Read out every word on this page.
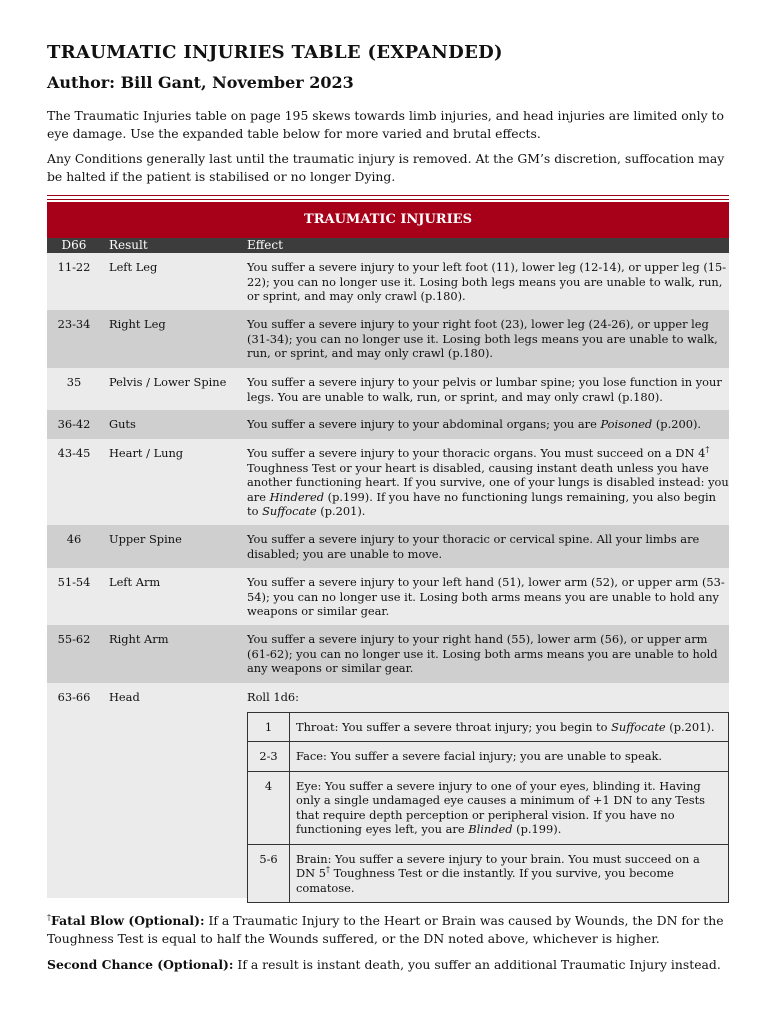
TRAUMATIC INJURIES TABLE (EXPANDED)
Author: Bill Gant, November 2023

The Traumatic Injuries table on page 195 skews towards limb injuries, and head injuries are limited only to eye damage. Use the expanded table below for more varied and brutal effects.

Any Conditions generally last until the traumatic injury is removed. At the GM’s discretion, suffocation may be halted if the patient is stabilised or no longer Dying.

TRAUMATIC INJURIES
D66	Result	Effect
11-22	Left Leg	You suffer a severe injury to your left foot (11), lower leg (12-14), or upper leg (15-22); you can no longer use it. Losing both legs means you are unable to walk, run, or sprint, and may only crawl (p.180).
23-34	Right Leg	You suffer a severe injury to your right foot (23), lower leg (24-26), or upper leg (31-34); you can no longer use it. Losing both legs means you are unable to walk, run, or sprint, and may only crawl (p.180).
35	Pelvis / Lower Spine	You suffer a severe injury to your pelvis or lumbar spine; you lose function in your legs. You are unable to walk, run, or sprint, and may only crawl (p.180).
36-42	Guts	You suffer a severe injury to your abdominal organs; you are Poisoned (p.200).
43-45	Heart / Lung	You suffer a severe injury to your thoracic organs. You must succeed on a DN 4† Toughness Test or your heart is disabled, causing instant death unless you have another functioning heart. If you survive, one of your lungs is disabled instead: you are Hindered (p.199). If you have no functioning lungs remaining, you also begin to Suffocate (p.201).
46	Upper Spine	You suffer a severe injury to your thoracic or cervical spine. All your limbs are disabled; you are unable to move.
51-54	Left Arm	You suffer a severe injury to your left hand (51), lower arm (52), or upper arm (53-54); you can no longer use it. Losing both arms means you are unable to hold any weapons or similar gear.
55-62	Right Arm	You suffer a severe injury to your right hand (55), lower arm (56), or upper arm (61-62); you can no longer use it. Losing both arms means you are unable to hold any weapons or similar gear.
63-66	Head	Roll 1d6:
1	Throat: You suffer a severe throat injury; you begin to Suffocate (p.201).
2-3	Face: You suffer a severe facial injury; you are unable to speak.
4	Eye: You suffer a severe injury to one of your eyes, blinding it. Having only a single undamaged eye causes a minimum of +1 DN to any Tests that require depth perception or peripheral vision. If you have no functioning eyes left, you are Blinded (p.199).
5-6	Brain: You suffer a severe injury to your brain. You must succeed on a DN 5† Toughness Test or die instantly. If you survive, you become comatose.

†Fatal Blow (Optional): If a Traumatic Injury to the Heart or Brain was caused by Wounds, the DN for the Toughness Test is equal to half the Wounds suffered, or the DN noted above, whichever is higher.

Second Chance (Optional): If a result is instant death, you suffer an additional Traumatic Injury instead.
